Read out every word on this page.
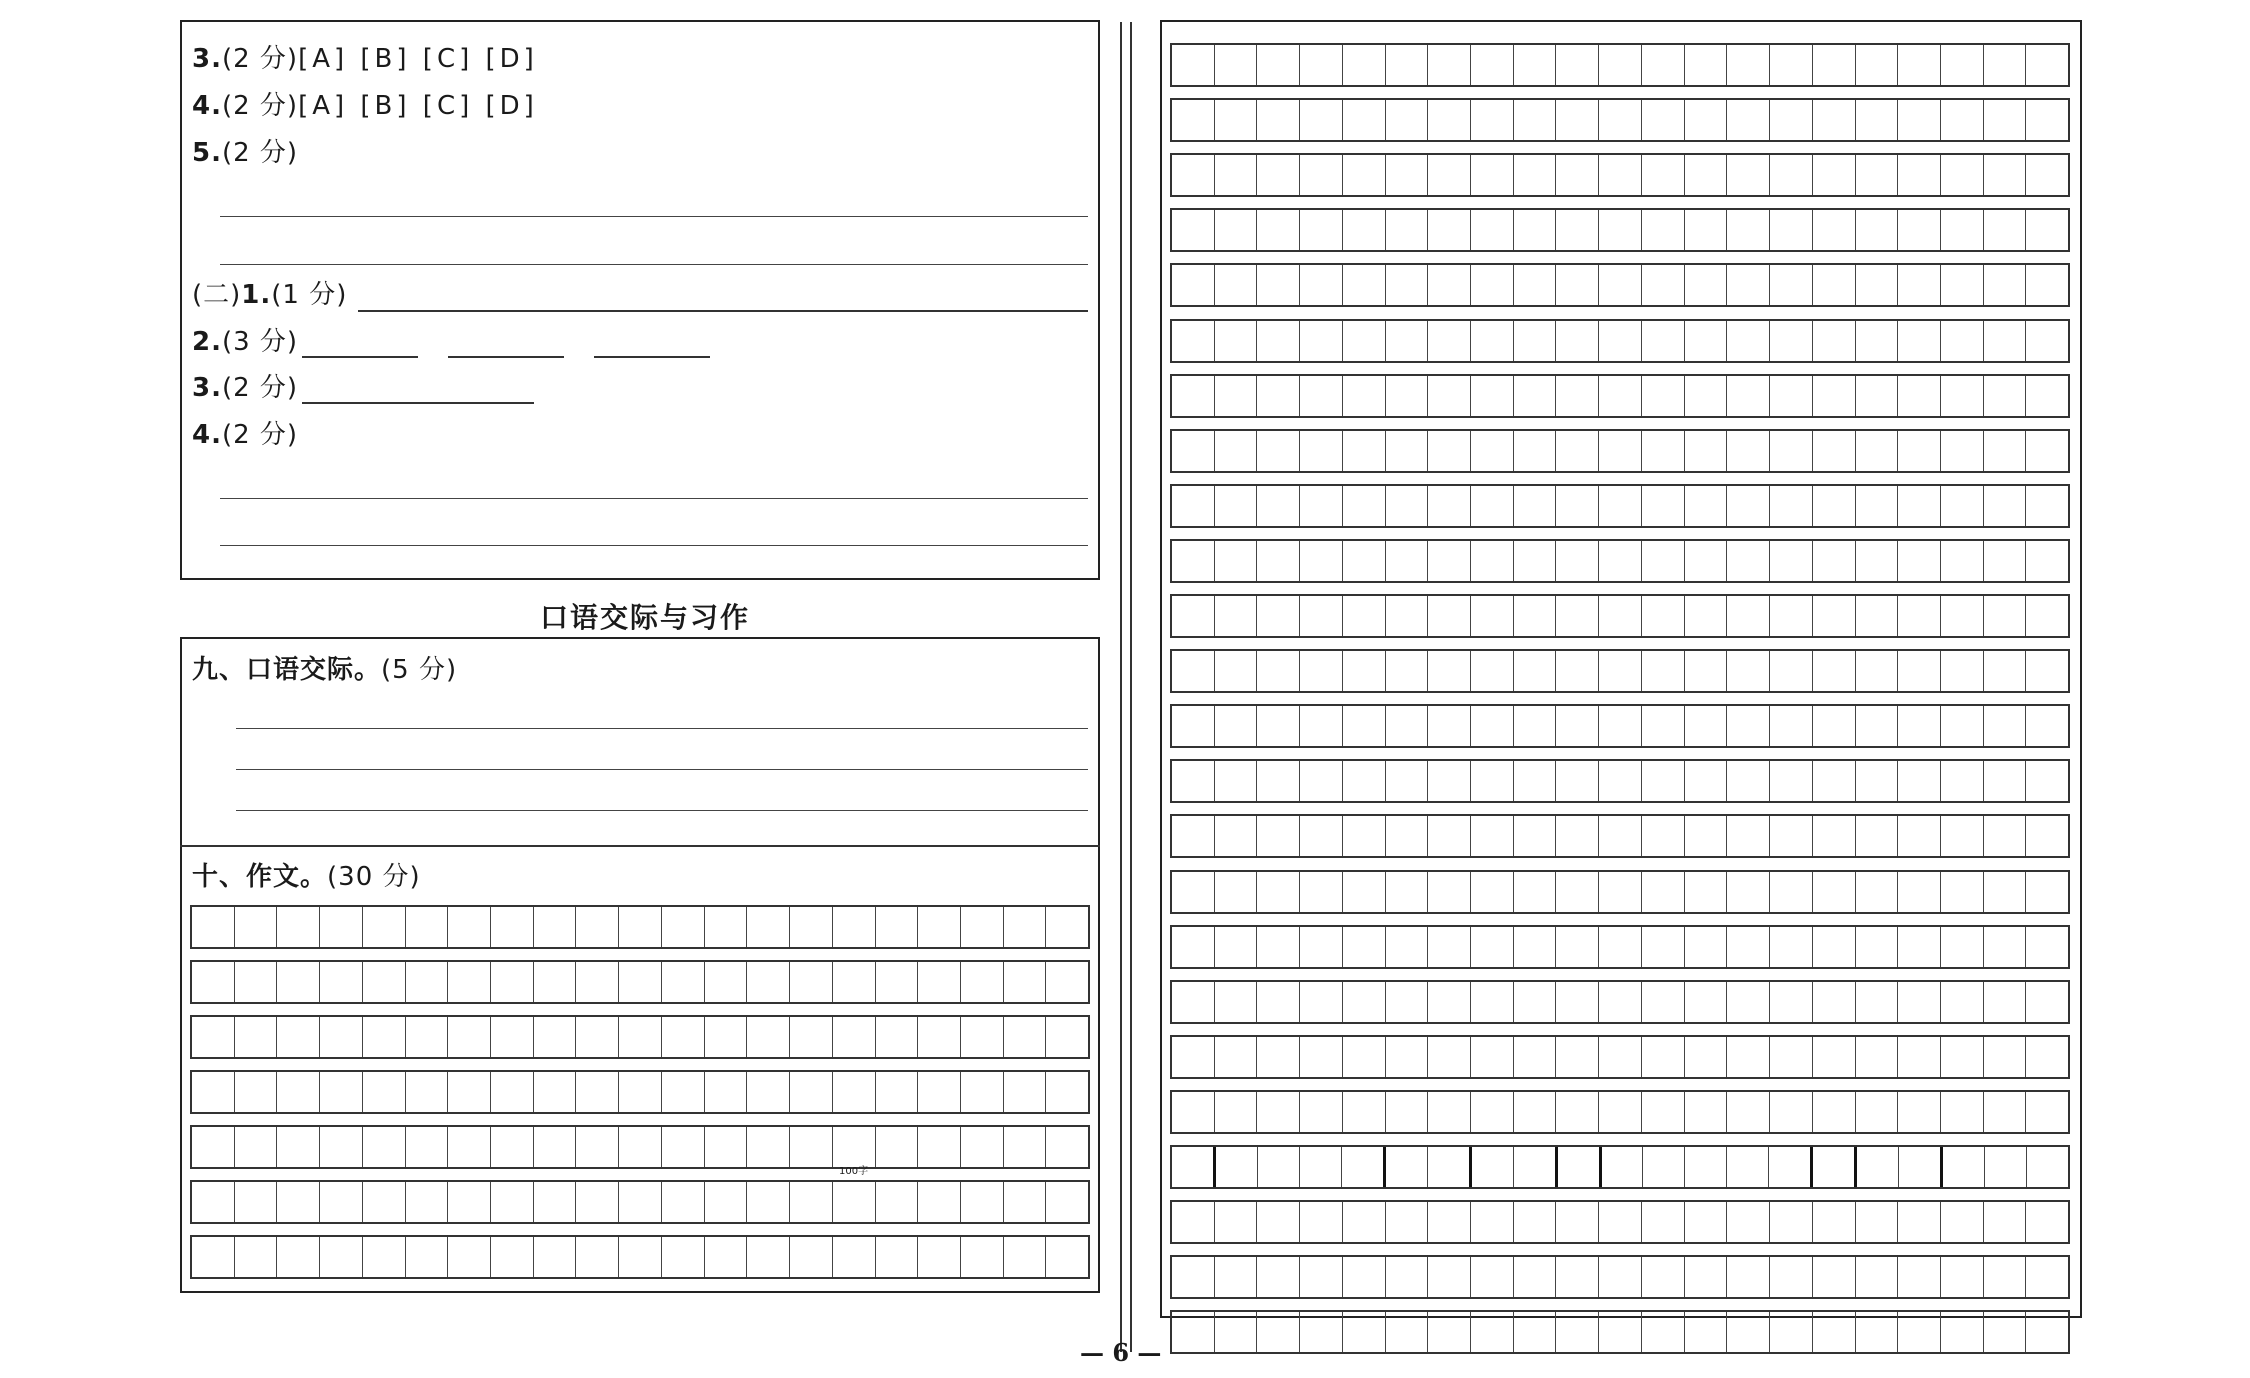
3.(2 分)[A] [B] [C] [D]
4.(2 分)[A] [B] [C] [D]
5.(2 分)
(二)1.(1 分)
2.(3 分)
3.(2 分)
4.(2 分)
口语交际与习作
九、口语交际。(5 分)
十、作文。(30 分)
100字
— 6 —
